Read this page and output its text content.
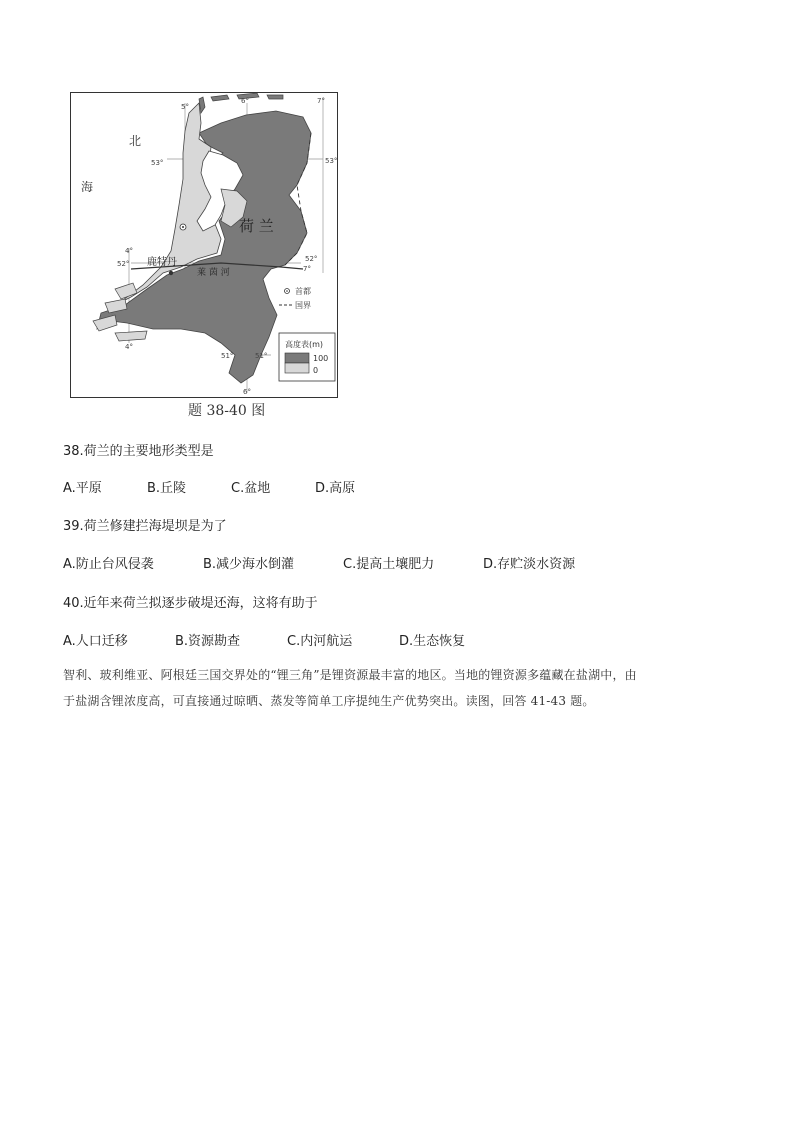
北
海
荷 兰
鹿特丹
莱 茵 河
5°
6°	7°
53°	53°
4°
52°
52°
7°
4°
51°	51°
6°
首都
国界
高度表(m)
100
0
题 38-40 图
38.荷兰的主要地形类型是
A.平原	B.丘陵	C.盆地	D.高原
39.荷兰修建拦海堤坝是为了
A.防止台风侵袭	B.减少海水倒灌	C.提高土壤肥力	D.存贮淡水资源
40.近年来荷兰拟逐步破堤还海，这将有助于
A.人口迁移	B.资源勘查	C.内河航运	D.生态恢复
智利、玻利维亚、阿根廷三国交界处的“锂三角”是锂资源最丰富的地区。当地的锂资源多蕴藏在盐湖中，由
于盐湖含锂浓度高，可直接通过晾晒、蒸发等简单工序提纯生产优势突出。读图，回答 41-43 题。
